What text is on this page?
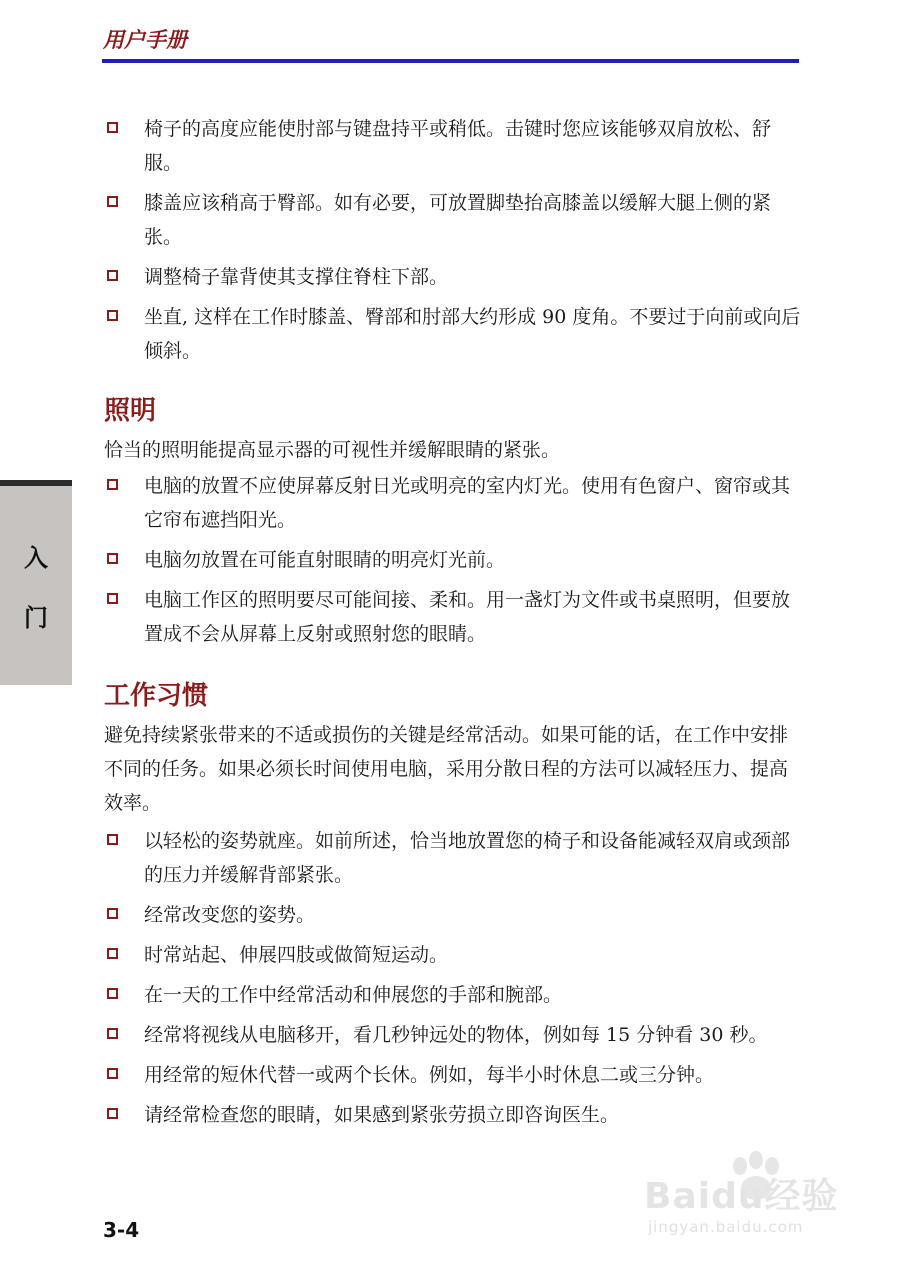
用户手册
入
门
椅子的高度应能使肘部与键盘持平或稍低。击键时您应该能够双肩放松、舒服。
膝盖应该稍高于臀部。如有必要，可放置脚垫抬高膝盖以缓解大腿上侧的紧张。
调整椅子靠背使其支撑住脊柱下部。
坐直, 这样在工作时膝盖、臀部和肘部大约形成 90 度角。不要过于向前或向后倾斜。
照明

恰当的照明能提高显示器的可视性并缓解眼睛的紧张。

电脑的放置不应使屏幕反射日光或明亮的室内灯光。使用有色窗户、窗帘或其它帘布遮挡阳光。
电脑勿放置在可能直射眼睛的明亮灯光前。
电脑工作区的照明要尽可能间接、柔和。用一盏灯为文件或书桌照明，但要放置成不会从屏幕上反射或照射您的眼睛。
工作习惯

避免持续紧张带来的不适或损伤的关键是经常活动。如果可能的话，在工作中安排不同的任务。如果必须长时间使用电脑，采用分散日程的方法可以减轻压力、提高效率。

以轻松的姿势就座。如前所述，恰当地放置您的椅子和设备能减轻双肩或颈部的压力并缓解背部紧张。
经常改变您的姿势。
时常站起、伸展四肢或做简短运动。
在一天的工作中经常活动和伸展您的手部和腕部。
经常将视线从电脑移开，看几秒钟远处的物体，例如每 15 分钟看 30 秒。
用经常的短休代替一或两个长休。例如，每半小时休息二或三分钟。
请经常检查您的眼睛，如果感到紧张劳损立即咨询医生。
3-4
Baidu经验
jingyan.baidu.com
